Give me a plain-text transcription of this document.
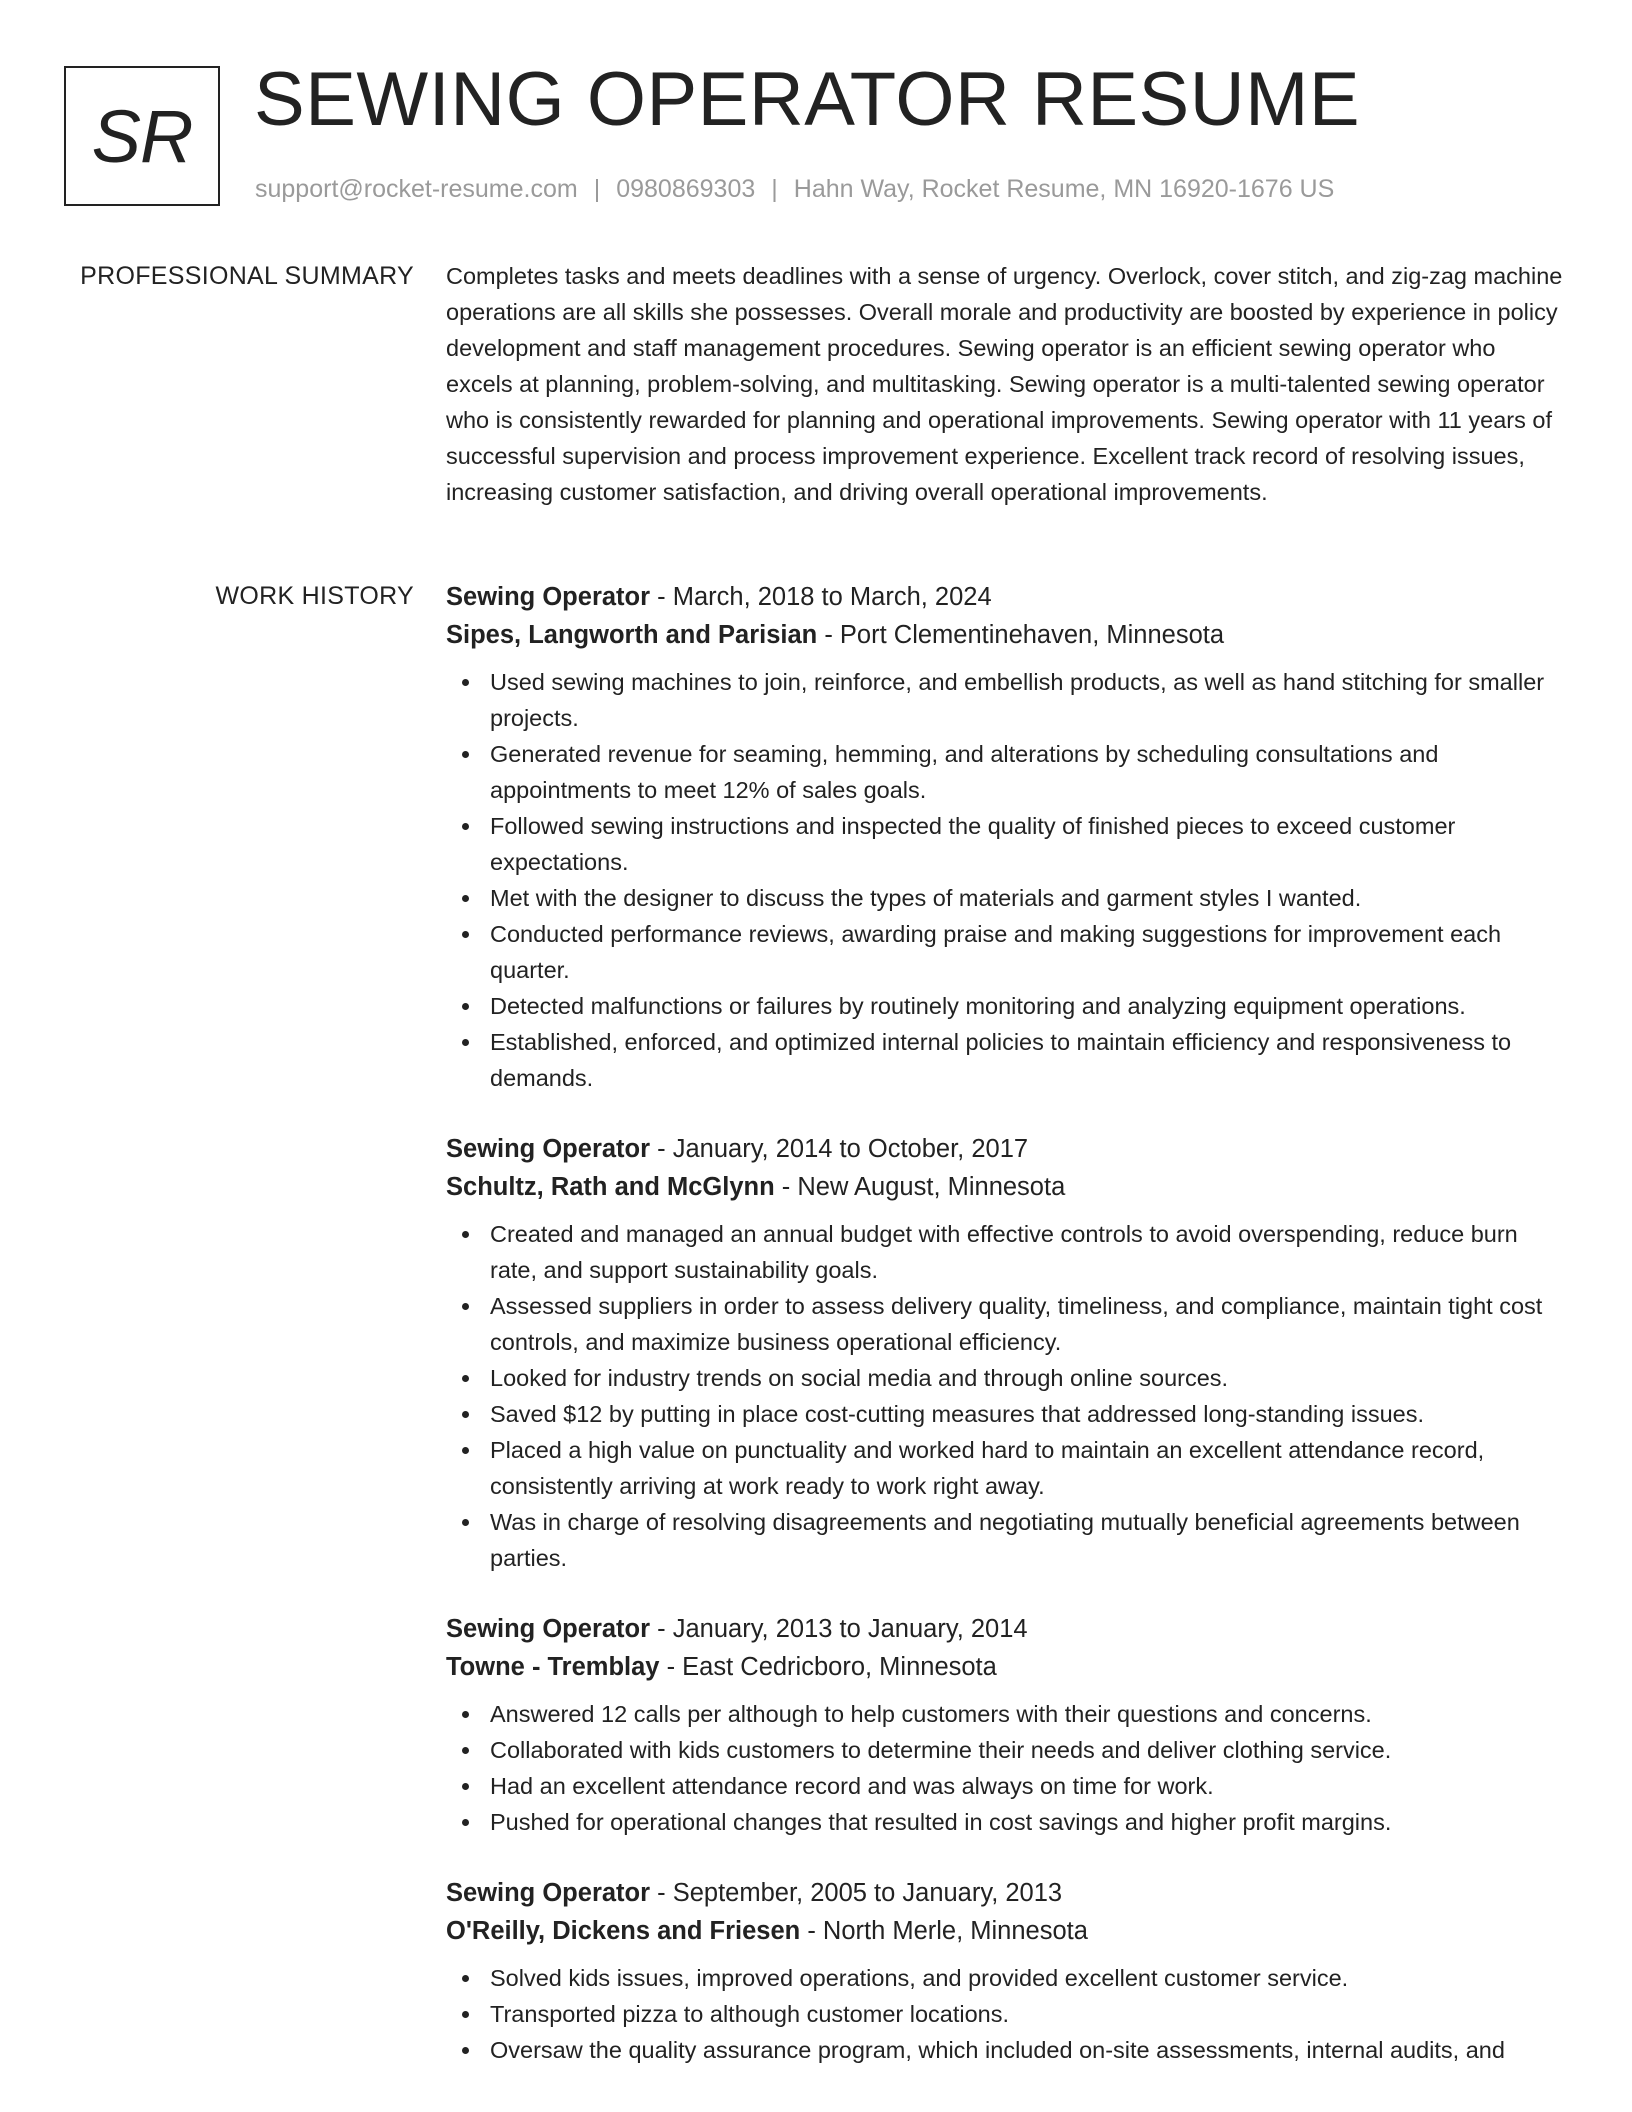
SR SEWING OPERATOR RESUME
support@rocket-resume.com | 0980869303 | Hahn Way, Rocket Resume, MN 16920-1676 US
PROFESSIONAL SUMMARY Completes tasks and meets deadlines with a sense of urgency. Overlock, cover stitch, and zig-zag machine operations are all skills she possesses. Overall morale and productivity are boosted by experience in policy development and staff management procedures. Sewing operator is an efficient sewing operator who excels at planning, problem-solving, and multitasking. Sewing operator is a multi-talented sewing operator who is consistently rewarded for planning and operational improvements. Sewing operator with 11 years of successful supervision and process improvement experience. Excellent track record of resolving issues, increasing customer satisfaction, and driving overall operational improvements.

WORK HISTORY Sewing Operator - March, 2018 to March, 2024
Sipes, Langworth and Parisian - Port Clementinehaven, Minnesota
Used sewing machines to join, reinforce, and embellish products, as well as hand stitching for smaller projects.
Generated revenue for seaming, hemming, and alterations by scheduling consultations and appointments to meet 12% of sales goals.
Followed sewing instructions and inspected the quality of finished pieces to exceed customer expectations.
Met with the designer to discuss the types of materials and garment styles I wanted.
Conducted performance reviews, awarding praise and making suggestions for improvement each quarter.
Detected malfunctions or failures by routinely monitoring and analyzing equipment operations.
Established, enforced, and optimized internal policies to maintain efficiency and responsiveness to demands.
Sewing Operator - January, 2014 to October, 2017
Schultz, Rath and McGlynn - New August, Minnesota
Created and managed an annual budget with effective controls to avoid overspending, reduce burn rate, and support sustainability goals.
Assessed suppliers in order to assess delivery quality, timeliness, and compliance, maintain tight cost controls, and maximize business operational efficiency.
Looked for industry trends on social media and through online sources.
Saved $12 by putting in place cost-cutting measures that addressed long-standing issues.
Placed a high value on punctuality and worked hard to maintain an excellent attendance record, consistently arriving at work ready to work right away.
Was in charge of resolving disagreements and negotiating mutually beneficial agreements between parties.
Sewing Operator - January, 2013 to January, 2014
Towne - Tremblay - East Cedricboro, Minnesota
Answered 12 calls per although to help customers with their questions and concerns.
Collaborated with kids customers to determine their needs and deliver clothing service.
Had an excellent attendance record and was always on time for work.
Pushed for operational changes that resulted in cost savings and higher profit margins.
Sewing Operator - September, 2005 to January, 2013
O'Reilly, Dickens and Friesen - North Merle, Minnesota
Solved kids issues, improved operations, and provided excellent customer service.
Transported pizza to although customer locations.
Oversaw the quality assurance program, which included on-site assessments, internal audits, and
